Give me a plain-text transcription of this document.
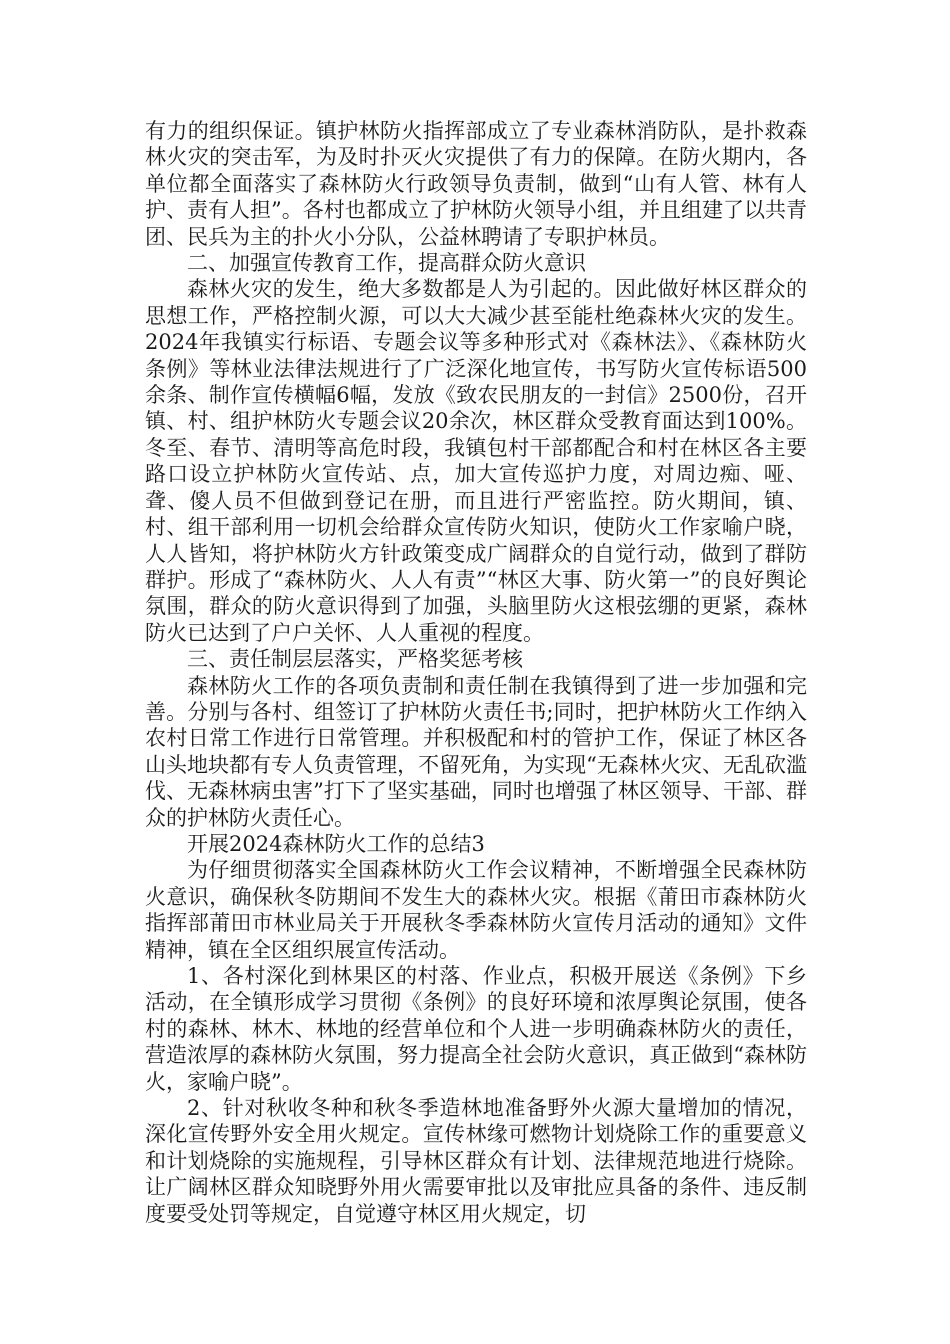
有力的组织保证。镇护林防火指挥部成立了专业森林消防队，是扑救森林火灾的突击军，为及时扑灭火灾提供了有力的保障。在防火期内，各单位都全面落实了森林防火行政领导负责制，做到“山有人管、林有人护、责有人担”。各村也都成立了护林防火领导小组，并且组建了以共青团、民兵为主的扑火小分队，公益林聘请了专职护林员。

二、加强宣传教育工作，提高群众防火意识

森林火灾的发生，绝大多数都是人为引起的。因此做好林区群众的思想工作，严格控制火源，可以大大减少甚至能杜绝森林火灾的发生。2024年我镇实行标语、专题会议等多种形式对《森林法》、《森林防火条例》等林业法律法规进行了广泛深化地宣传，书写防火宣传标语500余条、制作宣传横幅6幅，发放《致农民朋友的一封信》2500份，召开镇、村、组护林防火专题会议20余次，林区群众受教育面达到100%。冬至、春节、清明等高危时段，我镇包村干部都配合和村在林区各主要路口设立护林防火宣传站、点，加大宣传巡护力度，对周边痴、哑、聋、傻人员不但做到登记在册，而且进行严密监控。防火期间，镇、村、组干部利用一切机会给群众宣传防火知识，使防火工作家喻户晓，人人皆知，将护林防火方针政策变成广阔群众的自觉行动，做到了群防群护。形成了“森林防火、人人有责”“林区大事、防火第一”的良好舆论氛围，群众的防火意识得到了加强，头脑里防火这根弦绷的更紧，森林防火已达到了户户关怀、人人重视的程度。

三、责任制层层落实，严格奖惩考核

森林防火工作的各项负责制和责任制在我镇得到了进一步加强和完善。分别与各村、组签订了护林防火责任书;同时，把护林防火工作纳入农村日常工作进行日常管理。并积极配和村的管护工作，保证了林区各山头地块都有专人负责管理，不留死角，为实现“无森林火灾、无乱砍滥伐、无森林病虫害”打下了坚实基础，同时也增强了林区领导、干部、群众的护林防火责任心。

开展2024森林防火工作的总结3

为仔细贯彻落实全国森林防火工作会议精神，不断增强全民森林防火意识，确保秋冬防期间不发生大的森林火灾。根据《莆田市森林防火指挥部莆田市林业局关于开展秋冬季森林防火宣传月活动的通知》文件精神，镇在全区组织展宣传活动。

1、各村深化到林果区的村落、作业点，积极开展送《条例》下乡活动，在全镇形成学习贯彻《条例》的良好环境和浓厚舆论氛围，使各村的森林、林木、林地的经营单位和个人进一步明确森林防火的责任，营造浓厚的森林防火氛围，努力提高全社会防火意识，真正做到“森林防火，家喻户晓”。

2、针对秋收冬种和秋冬季造林地准备野外火源大量增加的情况，深化宣传野外安全用火规定。宣传林缘可燃物计划烧除工作的重要意义和计划烧除的实施规程，引导林区群众有计划、法律规范地进行烧除。让广阔林区群众知晓野外用火需要审批以及审批应具备的条件、违反制度要受处罚等规定，自觉遵守林区用火规定，切
